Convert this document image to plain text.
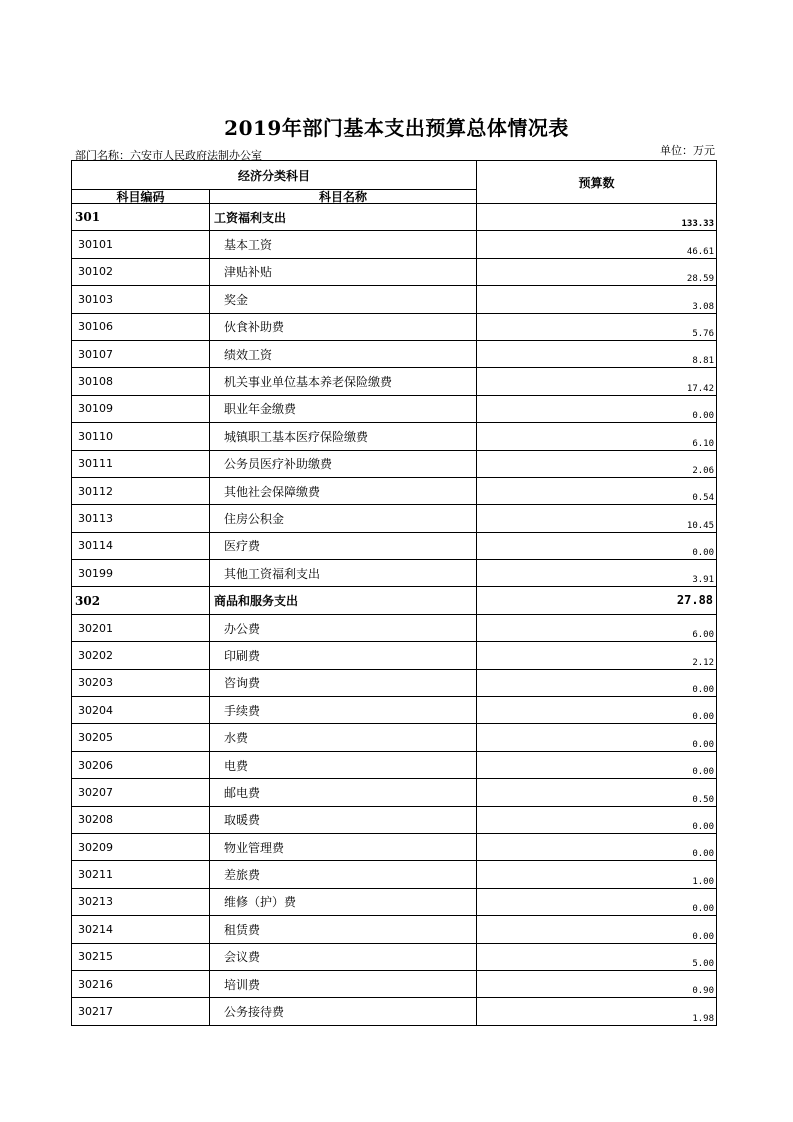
2019年部门基本支出预算总体情况表
部门名称：六安市人民政府法制办公室	单位：万元
经济分类科目		预算数
科目编码	科目名称	
301	工资福利支出	133.33
30101	基本工资	46.61
30102	津贴补贴	28.59
30103	奖金	3.08
30106	伙食补助费	5.76
30107	绩效工资	8.81
30108	机关事业单位基本养老保险缴费	17.42
30109	职业年金缴费	0.00
30110	城镇职工基本医疗保险缴费	6.10
30111	公务员医疗补助缴费	2.06
30112	其他社会保障缴费	0.54
30113	住房公积金	10.45
30114	医疗费	0.00
30199	其他工资福利支出	3.91
302	商品和服务支出	27.88
30201	办公费	6.00
30202	印刷费	2.12
30203	咨询费	0.00
30204	手续费	0.00
30205	水费	0.00
30206	电费	0.00
30207	邮电费	0.50
30208	取暖费	0.00
30209	物业管理费	0.00
30211	差旅费	1.00
30213	维修（护）费	0.00
30214	租赁费	0.00
30215	会议费	5.00
30216	培训费	0.90
30217	公务接待费	1.98
